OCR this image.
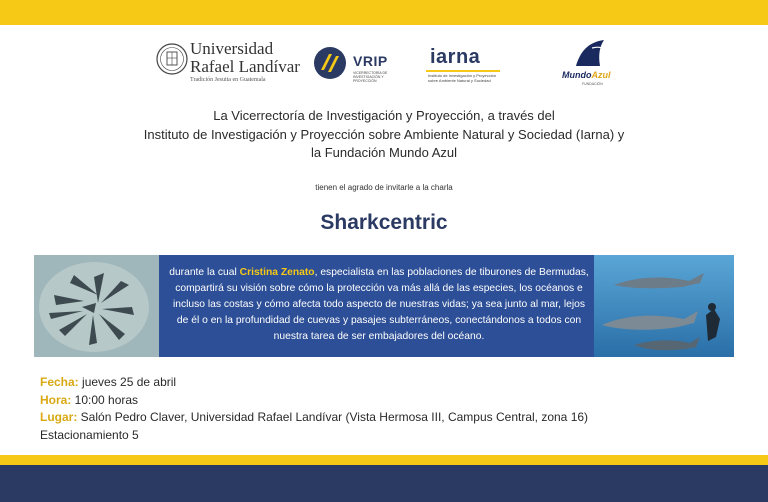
Universidad
Rafael Landívar
Tradición Jesuita en Guatemala
VRIP
VICERRECTORÍA DE INVESTIGACIÓN Y PROYECCIÓN
iarna
Instituto de Investigación y Proyección sobre Ambiente Natural y Sociedad
MundoAzul
FUNDACIÓN
La Vicerrectoría de Investigación y Proyección, a través del
Instituto de Investigación y Proyección sobre Ambiente Natural y Sociedad (Iarna) y
la Fundación Mundo Azul
tienen el agrado de invitarle a la charla
Sharkcentric
durante la cual Cristina Zenato, especialista en las poblaciones de tiburones de Bermudas, compartirá su visión sobre cómo la protección va más allá de las especies, los océanos e incluso las costas y cómo afecta todo aspecto de nuestras vidas; ya sea junto al mar, lejos de él o en la profundidad de cuevas y pasajes subterráneos, conectándonos a todos con nuestra tarea de ser embajadores del océano.
Fecha: jueves 25 de abril
Hora: 10:00 horas
Lugar: Salón Pedro Claver, Universidad Rafael Landívar (Vista Hermosa III, Campus Central, zona 16)
Estacionamiento 5
